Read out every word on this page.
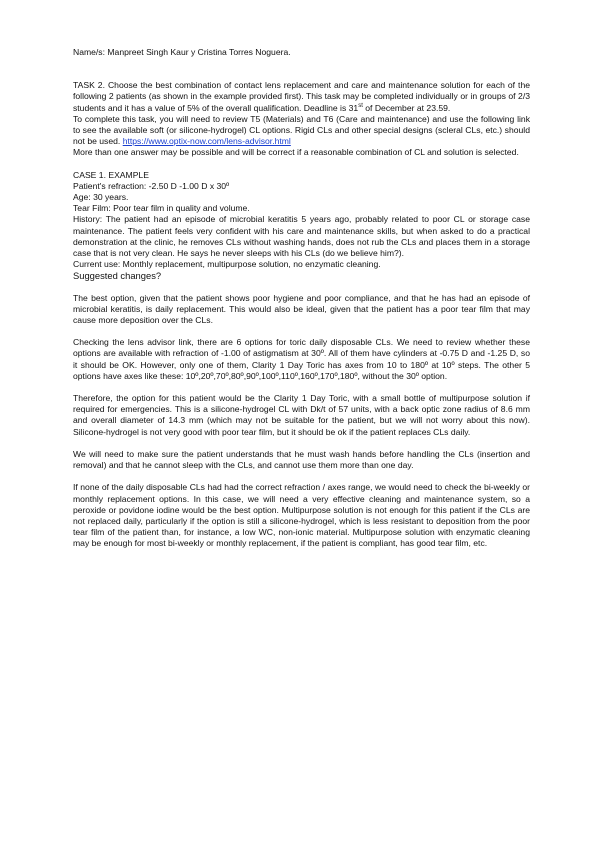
Name/s: Manpreet Singh Kaur y Cristina Torres Noguera.

TASK 2. Choose the best combination of contact lens replacement and care and maintenance solution for each of the following 2 patients (as shown in the example provided first). This task may be completed individually or in groups of 2/3 students and it has a value of 5% of the overall qualification. Deadline is 31st of December at 23.59.

To complete this task, you will need to review T5 (Materials) and T6 (Care and maintenance) and use the following link to see the available soft (or silicone-hydrogel) CL options. Rigid CLs and other special designs (scleral CLs, etc.) should not be used. https://www.optix-now.com/lens-advisor.html

More than one answer may be possible and will be correct if a reasonable combination of CL and solution is selected.

CASE 1. EXAMPLE

Patient's refraction: -2.50 D -1.00 D x 30º

Age: 30 years.

Tear Film: Poor tear film in quality and volume.

History: The patient had an episode of microbial keratitis 5 years ago, probably related to poor CL or storage case maintenance. The patient feels very confident with his care and maintenance skills, but when asked to do a practical demonstration at the clinic, he removes CLs without washing hands, does not rub the CLs and places them in a storage case that is not very clean. He says he never sleeps with his CLs (do we believe him?).

Current use: Monthly replacement, multipurpose solution, no enzymatic cleaning.

Suggested changes?

The best option, given that the patient shows poor hygiene and poor compliance, and that he has had an episode of microbial keratitis, is daily replacement. This would also be ideal, given that the patient has a poor tear film that may cause more deposition over the CLs.

Checking the lens advisor link, there are 6 options for toric daily disposable CLs. We need to review whether these options are available with refraction of -1.00 of astigmatism at 30º. All of them have cylinders at -0.75 D and -1.25 D, so it should be OK. However, only one of them, Clarity 1 Day Toric has axes from 10 to 180º at 10º steps. The other 5 options have axes like these: 10º,20º,70º,80º,90º,100º,110º,160º,170º,180º, without the 30º option.

Therefore, the option for this patient would be the Clarity 1 Day Toric, with a small bottle of multipurpose solution if required for emergencies. This is a silicone-hydrogel CL with Dk/t of 57 units, with a back optic zone radius of 8.6 mm and overall diameter of 14.3 mm (which may not be suitable for the patient, but we will not worry about this now). Silicone-hydrogel is not very good with poor tear film, but it should be ok if the patient replaces CLs daily.

We will need to make sure the patient understands that he must wash hands before handling the CLs (insertion and removal) and that he cannot sleep with the CLs, and cannot use them more than one day.

If none of the daily disposable CLs had had the correct refraction / axes range, we would need to check the bi-weekly or monthly replacement options. In this case, we will need a very effective cleaning and maintenance system, so a peroxide or povidone iodine would be the best option. Multipurpose solution is not enough for this patient if the CLs are not replaced daily, particularly if the option is still a silicone-hydrogel, which is less resistant to deposition from the poor tear film of the patient than, for instance, a low WC, non-ionic material. Multipurpose solution with enzymatic cleaning may be enough for most bi-weekly or monthly replacement, if the patient is compliant, has good tear film, etc.
